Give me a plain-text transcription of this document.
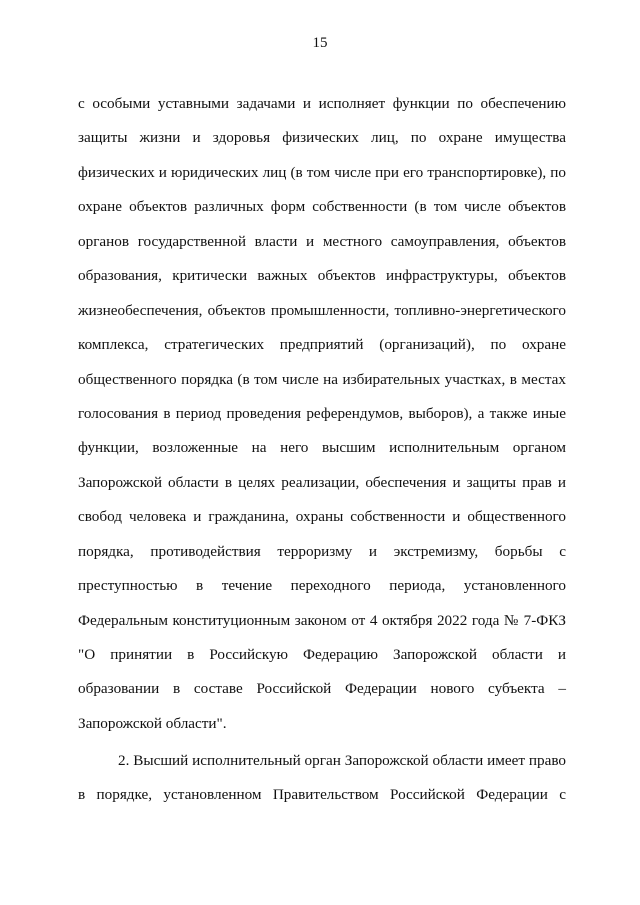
15
с особыми уставными задачами и исполняет функции по обеспечению
защиты жизни и здоровья физических лиц, по охране имущества
физических и юридических лиц (в том числе при его транспортировке), по
охране объектов различных форм собственности (в том числе объектов
органов государственной власти и местного самоуправления, объектов
образования, критически важных объектов инфраструктуры, объектов
жизнеобеспечения, объектов промышленности, топливно-энергетического
комплекса, стратегических предприятий (организаций), по охране
общественного порядка (в том числе на избирательных участках, в местах
голосования в период проведения референдумов, выборов), а также иные
функции, возложенные на него высшим исполнительным органом
Запорожской области в целях реализации, обеспечения и защиты прав и
свобод человека и гражданина, охраны собственности и общественного
порядка, противодействия терроризму и экстремизму, борьбы с
преступностью в течение переходного периода, установленного
Федеральным конституционным законом от 4 октября 2022 года № 7-ФКЗ
"О принятии в Российскую Федерацию Запорожской области и
образовании в составе Российской Федерации нового субъекта –
Запорожской области".
2. Высший исполнительный орган Запорожской области имеет право
в порядке, установленном Правительством Российской Федерации с
